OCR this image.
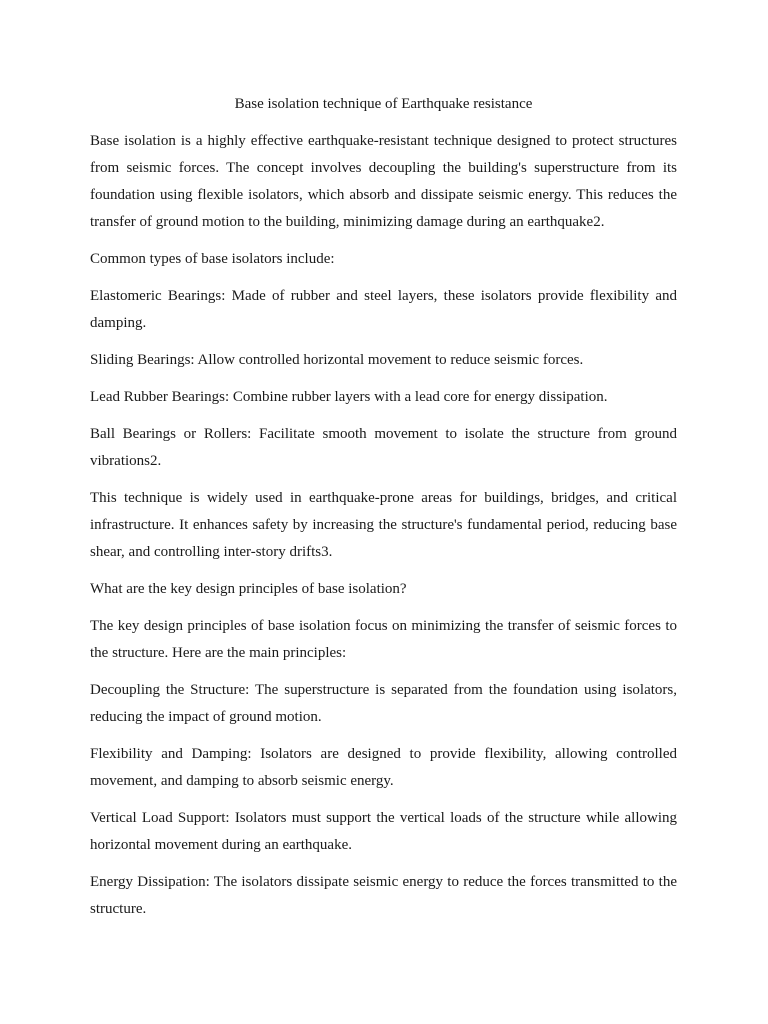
Base isolation technique of Earthquake resistance

Base isolation is a highly effective earthquake-resistant technique designed to protect structures from seismic forces. The concept involves decoupling the building's superstructure from its foundation using flexible isolators, which absorb and dissipate seismic energy. This reduces the transfer of ground motion to the building, minimizing damage during an earthquake2.

Common types of base isolators include:

Elastomeric Bearings: Made of rubber and steel layers, these isolators provide flexibility and damping.

Sliding Bearings: Allow controlled horizontal movement to reduce seismic forces.

Lead Rubber Bearings: Combine rubber layers with a lead core for energy dissipation.

Ball Bearings or Rollers: Facilitate smooth movement to isolate the structure from ground vibrations2.

This technique is widely used in earthquake-prone areas for buildings, bridges, and critical infrastructure. It enhances safety by increasing the structure's fundamental period, reducing base shear, and controlling inter-story drifts3.

What are the key design principles of base isolation?

The key design principles of base isolation focus on minimizing the transfer of seismic forces to the structure. Here are the main principles:

Decoupling the Structure: The superstructure is separated from the foundation using isolators, reducing the impact of ground motion.

Flexibility and Damping: Isolators are designed to provide flexibility, allowing controlled movement, and damping to absorb seismic energy.

Vertical Load Support: Isolators must support the vertical loads of the structure while allowing horizontal movement during an earthquake.

Energy Dissipation: The isolators dissipate seismic energy to reduce the forces transmitted to the structure.
